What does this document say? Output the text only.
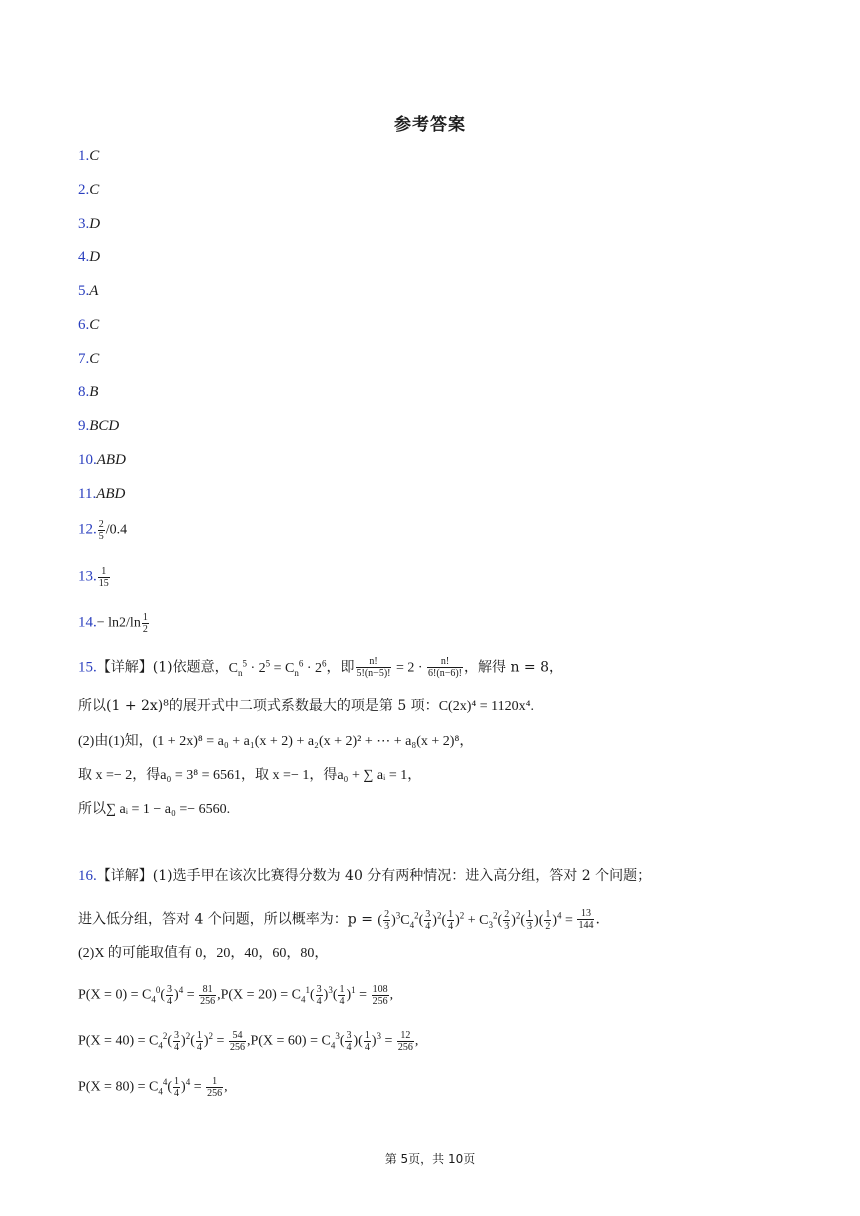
参考答案
1.C
2.C
3.D
4.D
5.A
6.C
7.C
8.B
9.BCD
10.ABD
11.ABD
12. $\frac{2}{5} /0.4$
13. $\frac{1}{15}$
$14.- \ln 2/\ln \frac{1}{2}$
15.【详解】(1)依题意，$C_n^5 \cdot 2^5 = C_n^6 \cdot 2^6$，即 $\frac{n!}{5!(n-5)!} = 2 \cdot \frac{n!}{6!(n-6)!}$ ，解得 n = 8，
所以(1 + 2x)⁸的展开式中二项式系数最大的项是第 5 项：C(2x)⁴ = 1120x⁴.
(2)由(1)知，(1 + 2x)⁸ = a₀ + a₁(x + 2) + a₂(x + 2)² + ⋯ + a₈(x + 2)⁸，
取 x =− 2，得a₀ = 3⁸ = 6561，取 x =− 1，得a₀ + ∑ aᵢ = 1，
所以∑ aᵢ = 1 − a₀ =− 6560.
16.【详解】(1)选手甲在该次比赛得分数为 40 分有两种情况：进入高分组，答对 2 个问题；
进入低分组，答对 4 个问题，所以概率为：p = ( $\frac{2}{3} )^3C_4^2( \frac{3}{4} )^2( \frac{1}{4} )^2 + C_3^2( \frac{2}{3} )^2( \frac{1}{3}$ )( $\frac{1}{2} )^4 = \frac{13}{144}$ .
(2)X 的可能取值有 0，20，40，60，80，
$P(X = 0) = C_4^0( \frac{3}{4} )^4 = \frac{81}{256} ,P(X = 20) = C_4^1( \frac{3}{4} )^3( \frac{1}{4} )^1 = \frac{108}{256}$ ,
$P(X = 40) = C_4^2( \frac{3}{4} )^2( \frac{1}{4} )^2 = \frac{54}{256} ,P(X = 60) = C_4^3( \frac{3}{4}$ )( $\frac{1}{4} )^3 = \frac{12}{256}$ ,
$P(X = 80) = C_4^4( \frac{1}{4} )^4 = \frac{1}{256}$ ,
第 5页，共 10页
